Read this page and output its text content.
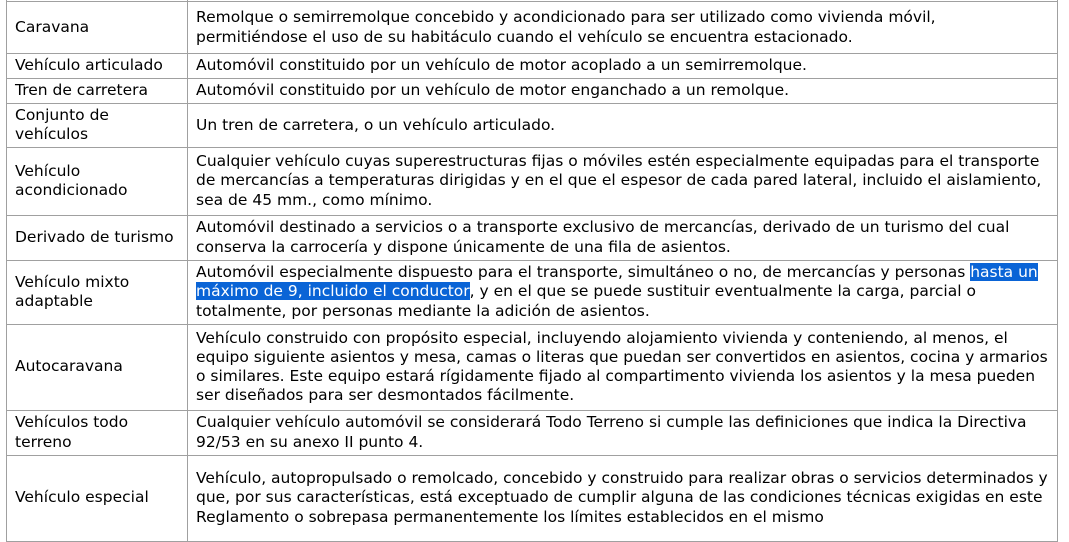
Caravana	Remolque o semirremolque concebido y acondicionado para ser utilizado como vivienda móvil, permitiéndose el uso de su habitáculo cuando el vehículo se encuentra estacionado.
Vehículo articulado	Automóvil constituido por un vehículo de motor acoplado a un semirremolque.
Tren de carretera	Automóvil constituido por un vehículo de motor enganchado a un remolque.
Conjunto de vehículos	Un tren de carretera, o un vehículo articulado.
Vehículo acondicionado	Cualquier vehículo cuyas superestructuras fijas o móviles estén especialmente equipadas para el transporte de mercancías a temperaturas dirigidas y en el que el espesor de cada pared lateral, incluido el aislamiento, sea de 45 mm., como mínimo.
Derivado de turismo	Automóvil destinado a servicios o a transporte exclusivo de mercancías, derivado de un turismo del cual conserva la carrocería y dispone únicamente de una fila de asientos.
Vehículo mixto adaptable	Automóvil especialmente dispuesto para el transporte, simultáneo o no, de mercancías y personas hasta un máximo de 9, incluido el conductor, y en el que se puede sustituir eventualmente la carga, parcial o totalmente, por personas mediante la adición de asientos.
Autocaravana	Vehículo construido con propósito especial, incluyendo alojamiento vivienda y conteniendo, al menos, el equipo siguiente asientos y mesa, camas o literas que puedan ser convertidos en asientos, cocina y armarios o similares. Este equipo estará rígidamente fijado al compartimento vivienda los asientos y la mesa pueden ser diseñados para ser desmontados fácilmente.
Vehículos todo terreno	Cualquier vehículo automóvil se considerará Todo Terreno si cumple las definiciones que indica la Directiva 92/53 en su anexo II punto 4.
Vehículo especial	Vehículo, autopropulsado o remolcado, concebido y construido para realizar obras o servicios determinados y que, por sus características, está exceptuado de cumplir alguna de las condiciones técnicas exigidas en este Reglamento o sobrepasa permanentemente los límites establecidos en el mismo
